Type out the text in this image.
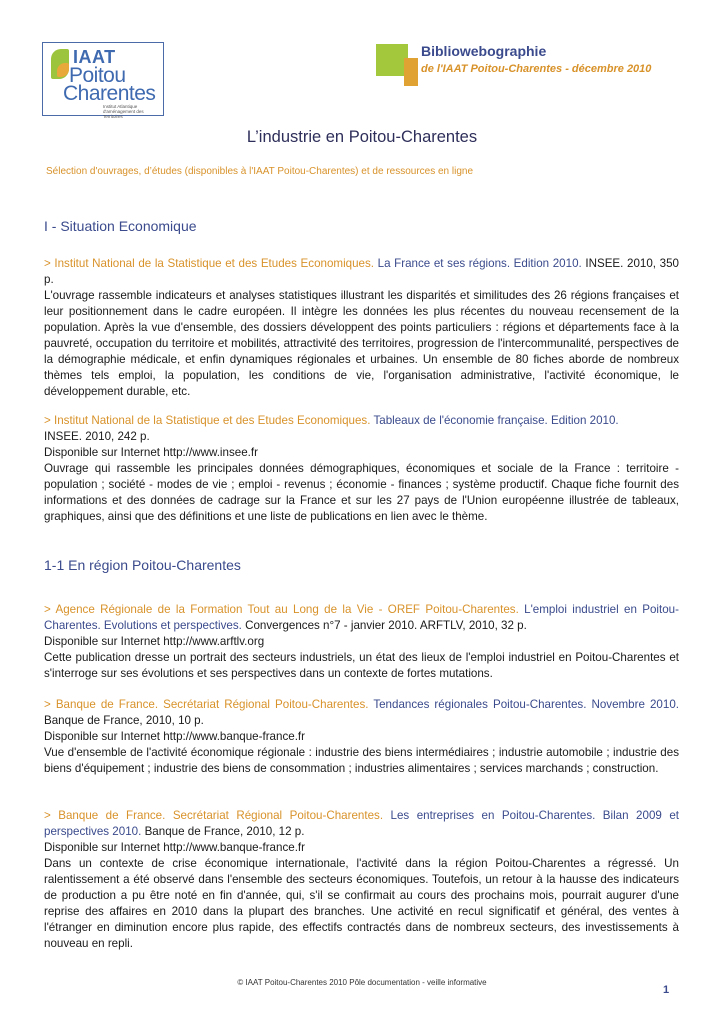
IAAT
Poitou
Charentes
Institut Atlantique d'aménagement des Territoires
Bibliowebographie
de l'IAAT Poitou-Charentes - décembre 2010
L’industrie en Poitou-Charentes
Sélection d'ouvrages, d’études (disponibles à l'IAAT Poitou-Charentes) et de ressources en ligne
I - Situation Economique

> Institut National de la Statistique et des Etudes Economiques. La France et ses régions. Edition 2010. INSEE. 2010, 350 p.

L'ouvrage rassemble indicateurs et analyses statistiques illustrant les disparités et similitudes des 26 régions françaises et leur positionnement dans le cadre européen. Il intègre les données les plus récentes du nouveau recensement de la population. Après la vue d'ensemble, des dossiers développent des points particuliers : régions et départements face à la pauvreté, occupation du territoire et mobilités, attractivité des territoires, progression de l'intercommunalité, perspectives de la démographie médicale, et enfin dynamiques régionales et urbaines. Un ensemble de 80 fiches aborde de nombreux thèmes tels emploi, la population, les conditions de vie, l'organisation administrative, l'activité économique, le développement durable, etc.

> Institut National de la Statistique et des Etudes Economiques. Tableaux de l'économie française. Edition 2010.

INSEE. 2010, 242 p.

Disponible sur Internet http://www.insee.fr

Ouvrage qui rassemble les principales données démographiques, économiques et sociale de la France : territoire - population ; société - modes de vie ; emploi - revenus ; économie - finances ; système productif. Chaque fiche fournit des informations et des données de cadrage sur la France et sur les 27 pays de l'Union européenne illustrée de tableaux, graphiques, ainsi que des définitions et une liste de publications en lien avec le thème.

1-1 En région Poitou-Charentes

> Agence Régionale de la Formation Tout au Long de la Vie - OREF Poitou-Charentes. L'emploi industriel en Poitou-Charentes. Evolutions et perspectives. Convergences n°7 - janvier 2010. ARFTLV, 2010, 32 p.

Disponible sur Internet http://www.arftlv.org

Cette publication dresse un portrait des secteurs industriels, un état des lieux de l'emploi industriel en Poitou-Charentes et s'interroge sur ses évolutions et ses perspectives dans un contexte de fortes mutations.

> Banque de France. Secrétariat Régional Poitou-Charentes. Tendances régionales Poitou-Charentes. Novembre 2010. Banque de France, 2010, 10 p.

Disponible sur Internet http://www.banque-france.fr

Vue d'ensemble de l'activité économique régionale : industrie des biens intermédiaires ; industrie automobile ; industrie des biens d'équipement ; industrie des biens de consommation ; industries alimentaires ; services marchands ; construction.

> Banque de France. Secrétariat Régional Poitou-Charentes. Les entreprises en Poitou-Charentes. Bilan 2009 et perspectives 2010. Banque de France, 2010, 12 p.

Disponible sur Internet http://www.banque-france.fr

Dans un contexte de crise économique internationale, l'activité dans la région Poitou-Charentes a régressé. Un ralentissement a été observé dans l'ensemble des secteurs économiques. Toutefois, un retour à la hausse des indicateurs de production a pu être noté en fin d'année, qui, s'il se confirmait au cours des prochains mois, pourrait augurer d'une reprise des affaires en 2010 dans la plupart des branches. Une activité en recul significatif et général, des ventes à l'étranger en diminution encore plus rapide, des effectifs contractés dans de nombreux secteurs, des investissements à nouveau en repli.

© IAAT Poitou-Charentes 2010 Pôle documentation - veille informative
1
